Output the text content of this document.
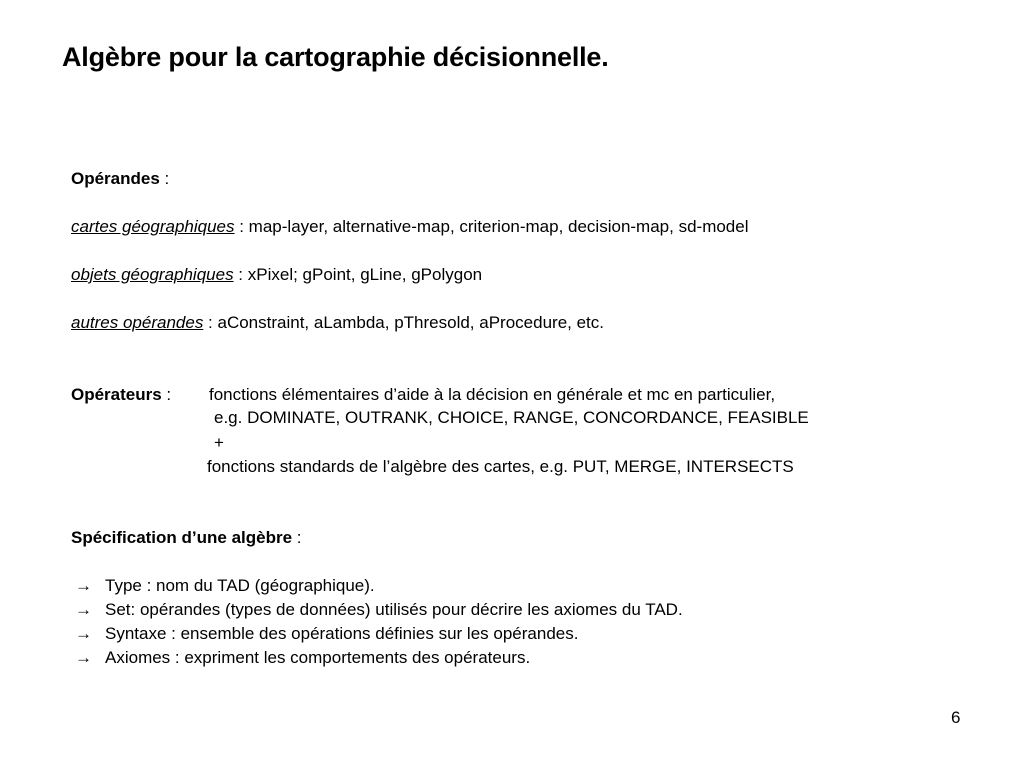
Algèbre pour la cartographie décisionnelle.
Opérandes :
cartes géographiques : map-layer, alternative-map, criterion-map, decision-map, sd-model
objets géographiques : xPixel; gPoint, gLine, gPolygon
autres opérandes : aConstraint, aLambda, pThresold, aProcedure, etc.
Opérateurs : fonctions élémentaires d’aide à la décision en générale et mc en particulier,
e.g. DOMINATE, OUTRANK, CHOICE, RANGE, CONCORDANCE, FEASIBLE
+
fonctions standards de l’algèbre des cartes, e.g. PUT, MERGE, INTERSECTS
Spécification d’une algèbre :
→ Type : nom du TAD (géographique).
→ Set: opérandes (types de données) utilisés pour décrire les axiomes du TAD.
→ Syntaxe : ensemble des opérations définies sur les opérandes.
→ Axiomes : expriment les comportements des opérateurs.
6
